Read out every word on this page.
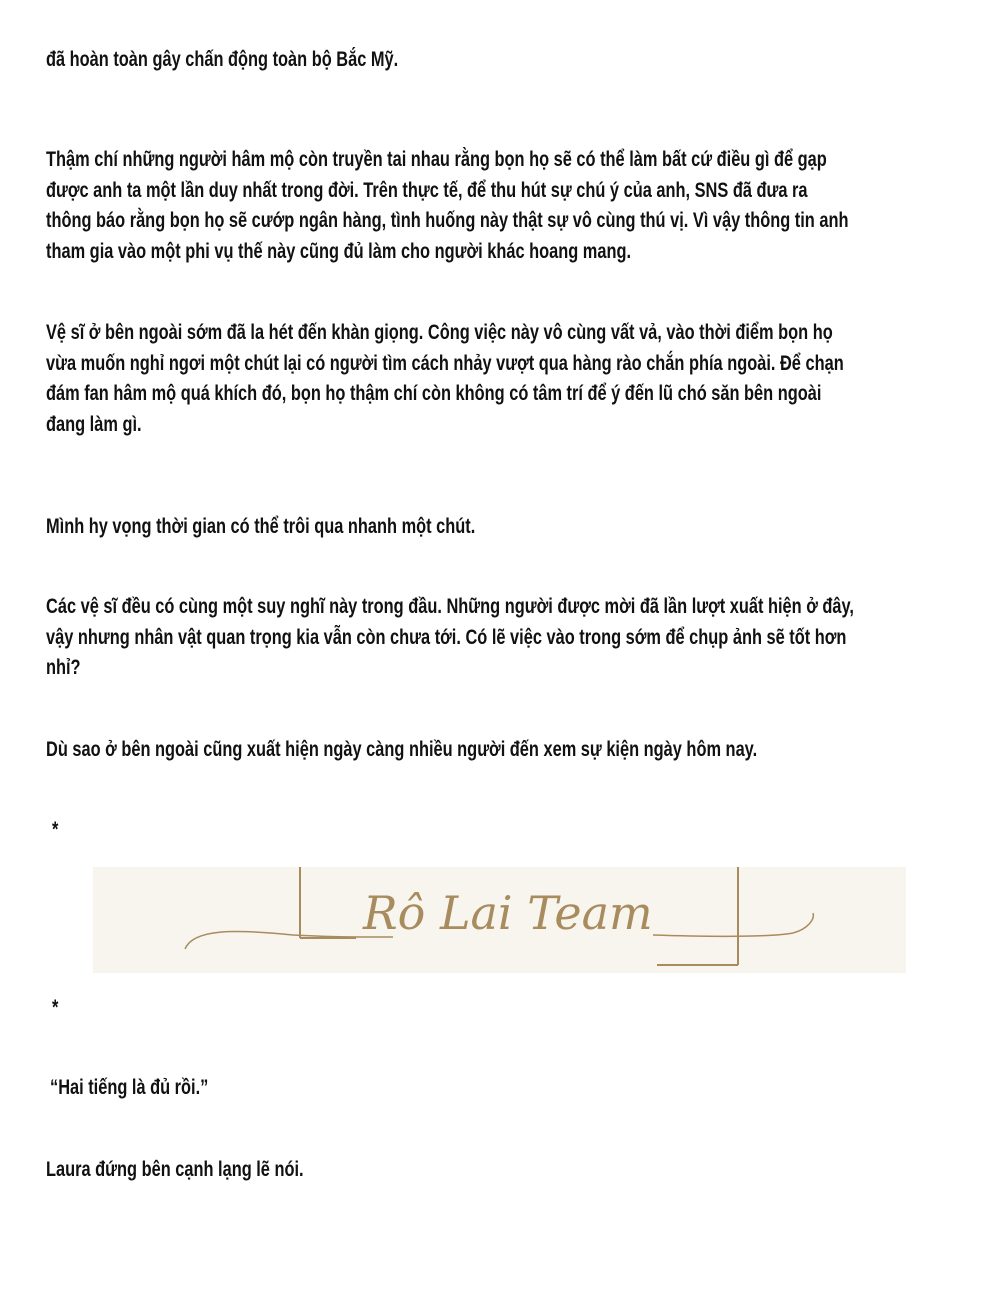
đã hoàn toàn gây chấn động toàn bộ Bắc Mỹ.
Thậm chí những người hâm mộ còn truyền tai nhau rằng bọn họ sẽ có thể làm bất cứ điều gì để gạp
được anh ta một lần duy nhất trong đời. Trên thực tế, để thu hút sự chú ý của anh, SNS đã đưa ra
thông báo rằng bọn họ sẽ cướp ngân hàng, tình huống này thật sự vô cùng thú vị. Vì vậy thông tin anh
tham gia vào một phi vụ thế này cũng đủ làm cho người khác hoang mang.
Vệ sĩ ở bên ngoài sớm đã la hét đến khàn giọng. Công việc này vô cùng vất vả, vào thời điểm bọn họ
vừa muốn nghỉ ngơi một chút lại có người tìm cách nhảy vượt qua hàng rào chắn phía ngoài. Để chạn
đám fan hâm mộ quá khích đó, bọn họ thậm chí còn không có tâm trí để ý đến lũ chó săn bên ngoài
đang làm gì.
Mình hy vọng thời gian có thể trôi qua nhanh một chút.
Các vệ sĩ đều có cùng một suy nghĩ này trong đầu. Những người được mời đã lần lượt xuất hiện ở đây,
vậy nhưng nhân vật quan trọng kia vẫn còn chưa tới. Có lẽ việc vào trong sớm để chụp ảnh sẽ tốt hơn
nhỉ?
Dù sao ở bên ngoài cũng xuất hiện ngày càng nhiều người đến xem sự kiện ngày hôm nay.
*
*
“Hai tiếng là đủ rồi.”
Laura đứng bên cạnh lạng lẽ nói.
Rô Lai Team
